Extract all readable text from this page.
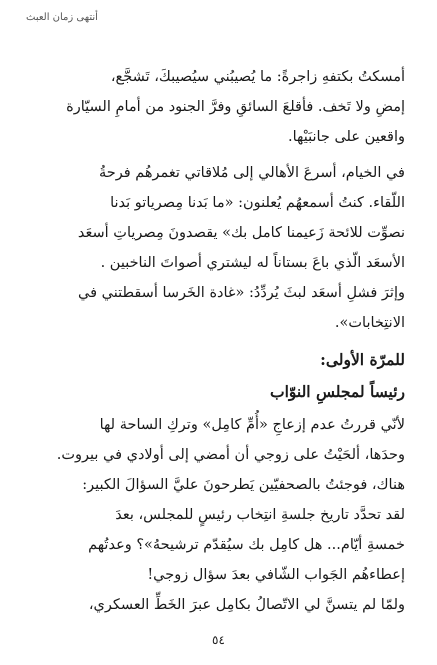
أنتهى زمان العبث
أمسكتُ بكتفهِ زاجرةً: ما يُصيبُني سيُصيبكَ، تَشجَّع،
إمضِ ولا تَخف. فأقلعَ السائقِ وفرَّ الجنود من أمامِ السيّارة
واقعين على جانبَيْها.
في الخيام، أسرعَ الأهالي إلى مُلاقاتي تغمرهُم فرحةُ
اللّقاء. كنتُ أسمعهُم يُعلنون: «ما بَدنا مِصرياتو بَدنا
نصوِّت للائحة زَعيمنا كامل بك» يقصدونَ مِصرياتِ أسعَد
الأسعَد الّذي باعَ بستاناً له ليشتري أصواتَ الناخبين .
وإثرَ فشلِ أسعَد لبثَ يُردِّدُ: «غادة الخَرسا أسقطتني في
الانتِخابات».
للمرّة الأولى:
رئيساً لمجلسِ النوّاب
لأنّي قررتُ عدم إزعاجِ «أُمِّ كامِل» وتركِ الساحة لها
وحدَها، ألحَيْتُ على زوجي أن أمضي إلى أولادي في بيروت.
هناك، فوجئتُ بالصحفيّين يَطرحونَ عليَّ السؤالَ الكبير:
لقد تحدَّد تاريخ جلسةِ انتِخاب رئيسٍ للمجلس، بعدَ
خمسةِ أيّام... هل كامِل بك سيُقدّم ترشيحهُ»؟ وعدتُهم
إعطاءهُم الجَواب الشّافي بعدَ سؤال زوجي!
ولمّا لم يتسنَّ لي الاتّصالُ بكامِل عبرَ الخَطِّ العسكري،
٥٤
